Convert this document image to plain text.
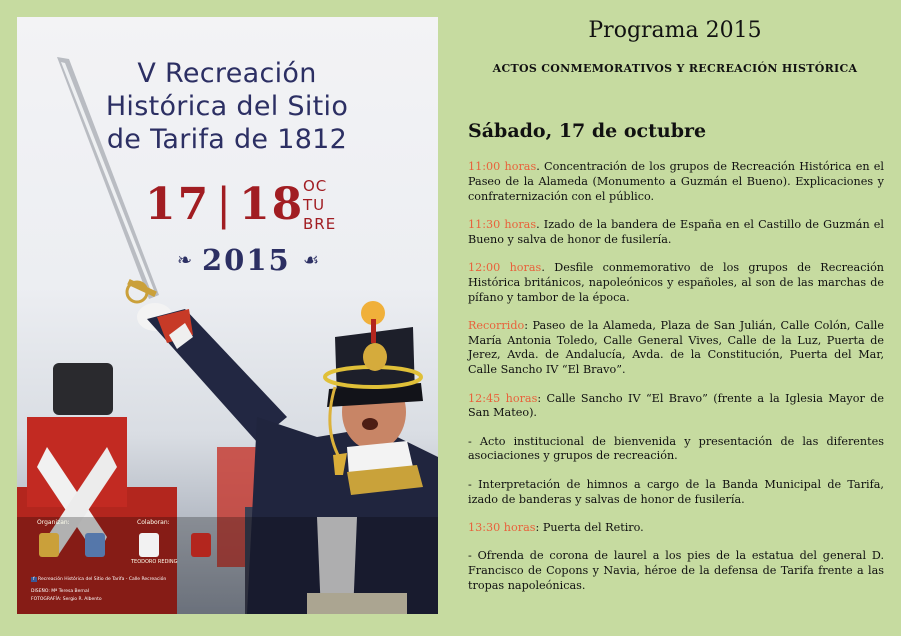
V Recreación
Histórica del Sitio
de Tarifa de 1812
17 | 18
OC
TU
BRE
❧ 2015 ☙
Organizan:	Colaboran:
TEODORO REDING
f Recreación Histórica del Sitio de Tarifa - Calle Recreación
DISEÑO: Mª Teresa Bernal
FOTOGRAFÍA: Sergio R. Albento
Programa 2015
ACTOS CONMEMORATIVOS Y RECREACIÓN HISTÓRICA
Sábado, 17 de octubre

11:00 horas. Concentración de los grupos de Recreación Histórica en el Paseo de la Alameda (Monumento a Guzmán el Bueno). Explicaciones y confraternización con el público.

11:30 horas. Izado de la bandera de España en el Castillo de Guzmán el Bueno y salva de honor de fusilería.

12:00 horas. Desfile conmemorativo de los grupos de Recreación Histórica británicos, napoleónicos y españoles, al son de las marchas de pífano y tambor de la época.

Recorrido: Paseo de la Alameda, Plaza de San Julián, Calle Colón, Calle María Antonia Toledo, Calle General Vives, Calle de la Luz, Puerta de Jerez, Avda. de Andalucía, Avda. de la Constitución, Puerta del Mar, Calle Sancho IV “El Bravo”.

12:45 horas: Calle Sancho IV “El Bravo” (frente a la Iglesia Mayor de San Mateo).

- Acto institucional de bienvenida y presentación de las diferentes asociaciones y grupos de recreación.

- Interpretación de himnos a cargo de la Banda Municipal de Tarifa, izado de banderas y salvas de honor de fusilería.

13:30 horas: Puerta del Retiro.

- Ofrenda de corona de laurel a los pies de la estatua del general D. Francisco de Copons y Navia, héroe de la defensa de Tarifa frente a las tropas napoleónicas.
